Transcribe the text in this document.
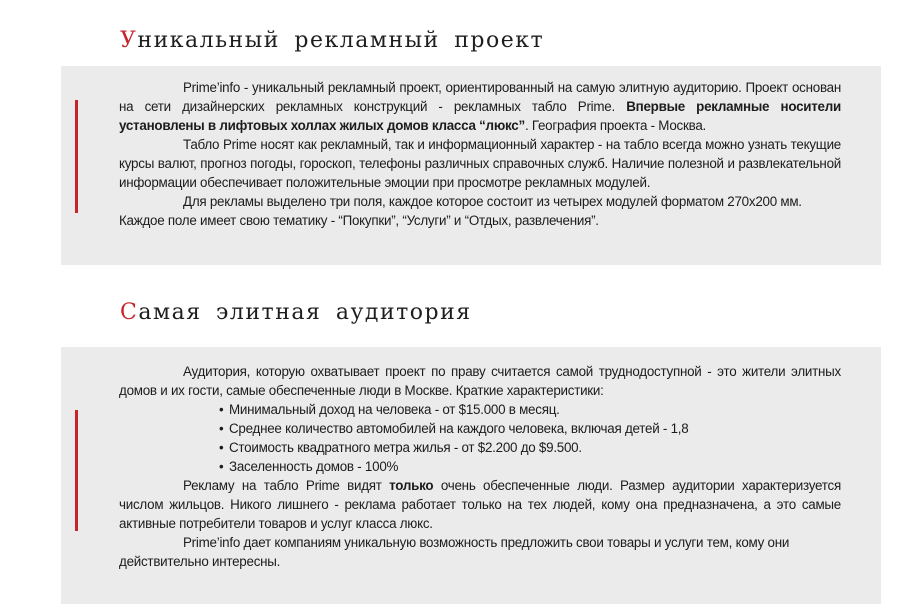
Уникальный рекламный проект

Prime’info - уникальный рекламный проект, ориентированный на самую элитную аудиторию. Проект основан на сети дизайнерских рекламных конструкций - рекламных табло Prime. Впервые рекламные носители установлены в лифтовых холлах жилых домов класса “люкс”. География проекта - Москва.

Табло Prime носят как рекламный, так и информационный характер - на табло всегда можно узнать текущие курсы валют, прогноз погоды, гороскоп, телефоны различных справочных служб. Наличие полезной и развлекательной информации обеспечивает положительные эмоции при просмотре рекламных модулей.

Для рекламы выделено три поля, каждое которое состоит из четырех модулей форматом 270х200 мм. Каждое поле имеет свою тематику - “Покупки”, “Услуги” и “Отдых, развлечения”.

Самая элитная аудитория

Аудитория, которую охватывает проект по праву считается самой труднодоступной - это жители элитных домов и их гости, самые обеспеченные люди в Москве. Краткие характеристики:

• Минимальный доход на человека - от $15.000 в месяц.
• Среднее количество автомобилей на каждого человека, включая детей - 1,8
• Стоимость квадратного метра жилья - от $2.200 до $9.500.
• Заселенность домов - 100%

Рекламу на табло Prime видят только очень обеспеченные люди. Размер аудитории характеризуется числом жильцов. Никого лишнего - реклама работает только на тех людей, кому она предназначена, а это самые активные потребители товаров и услуг класса люкс.

Prime’info дает компаниям уникальную возможность предложить свои товары и услуги тем, кому они действительно интересны.
